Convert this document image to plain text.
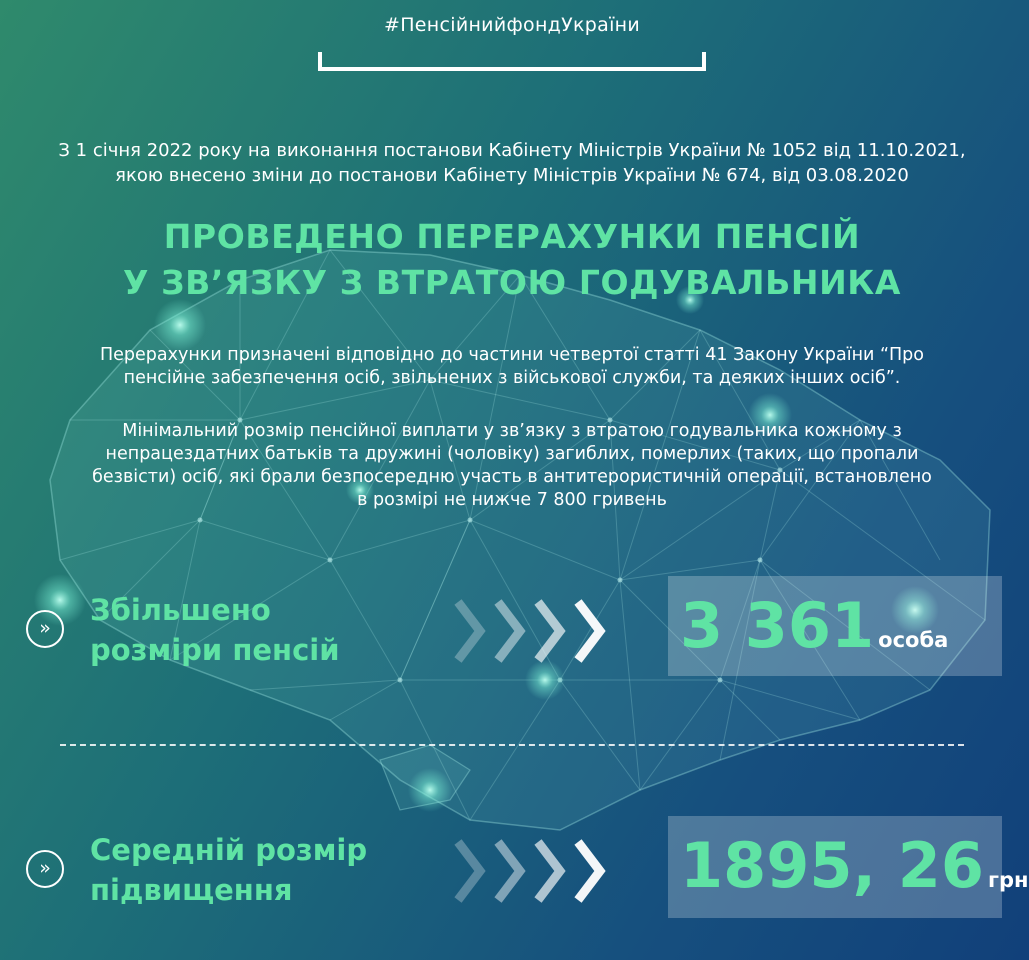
#ПенсійнийфондУкраїни
З 1 січня 2022 року на виконання постанови Кабінету Міністрів України № 1052 від 11.10.2021,
якою внесено зміни до постанови Кабінету Міністрів України № 674, від 03.08.2020
ПРОВЕДЕНО ПЕРЕРАХУНКИ ПЕНСІЙ
У ЗВ’ЯЗКУ З ВТРАТОЮ ГОДУВАЛЬНИКА
Перерахунки призначені відповідно до частини четвертої статті 41 Закону України “Про
пенсійне забезпечення осіб, звільнених з військової служби, та деяких інших осіб”.
Мінімальний розмір пенсійної виплати у зв’язку з втратою годувальника кожному з
непрацездатних батьків та дружині (чоловіку) загиблих, померлих (таких, що пропали
безвісти) осіб, які брали безпосередню участь в антитерористичній операції, встановлено
в розмірі не нижче 7 800 гривень
»
Збільшено
розміри пенсій	3 361 особа
»
Середній розмір
підвищення	1895, 26 грн
